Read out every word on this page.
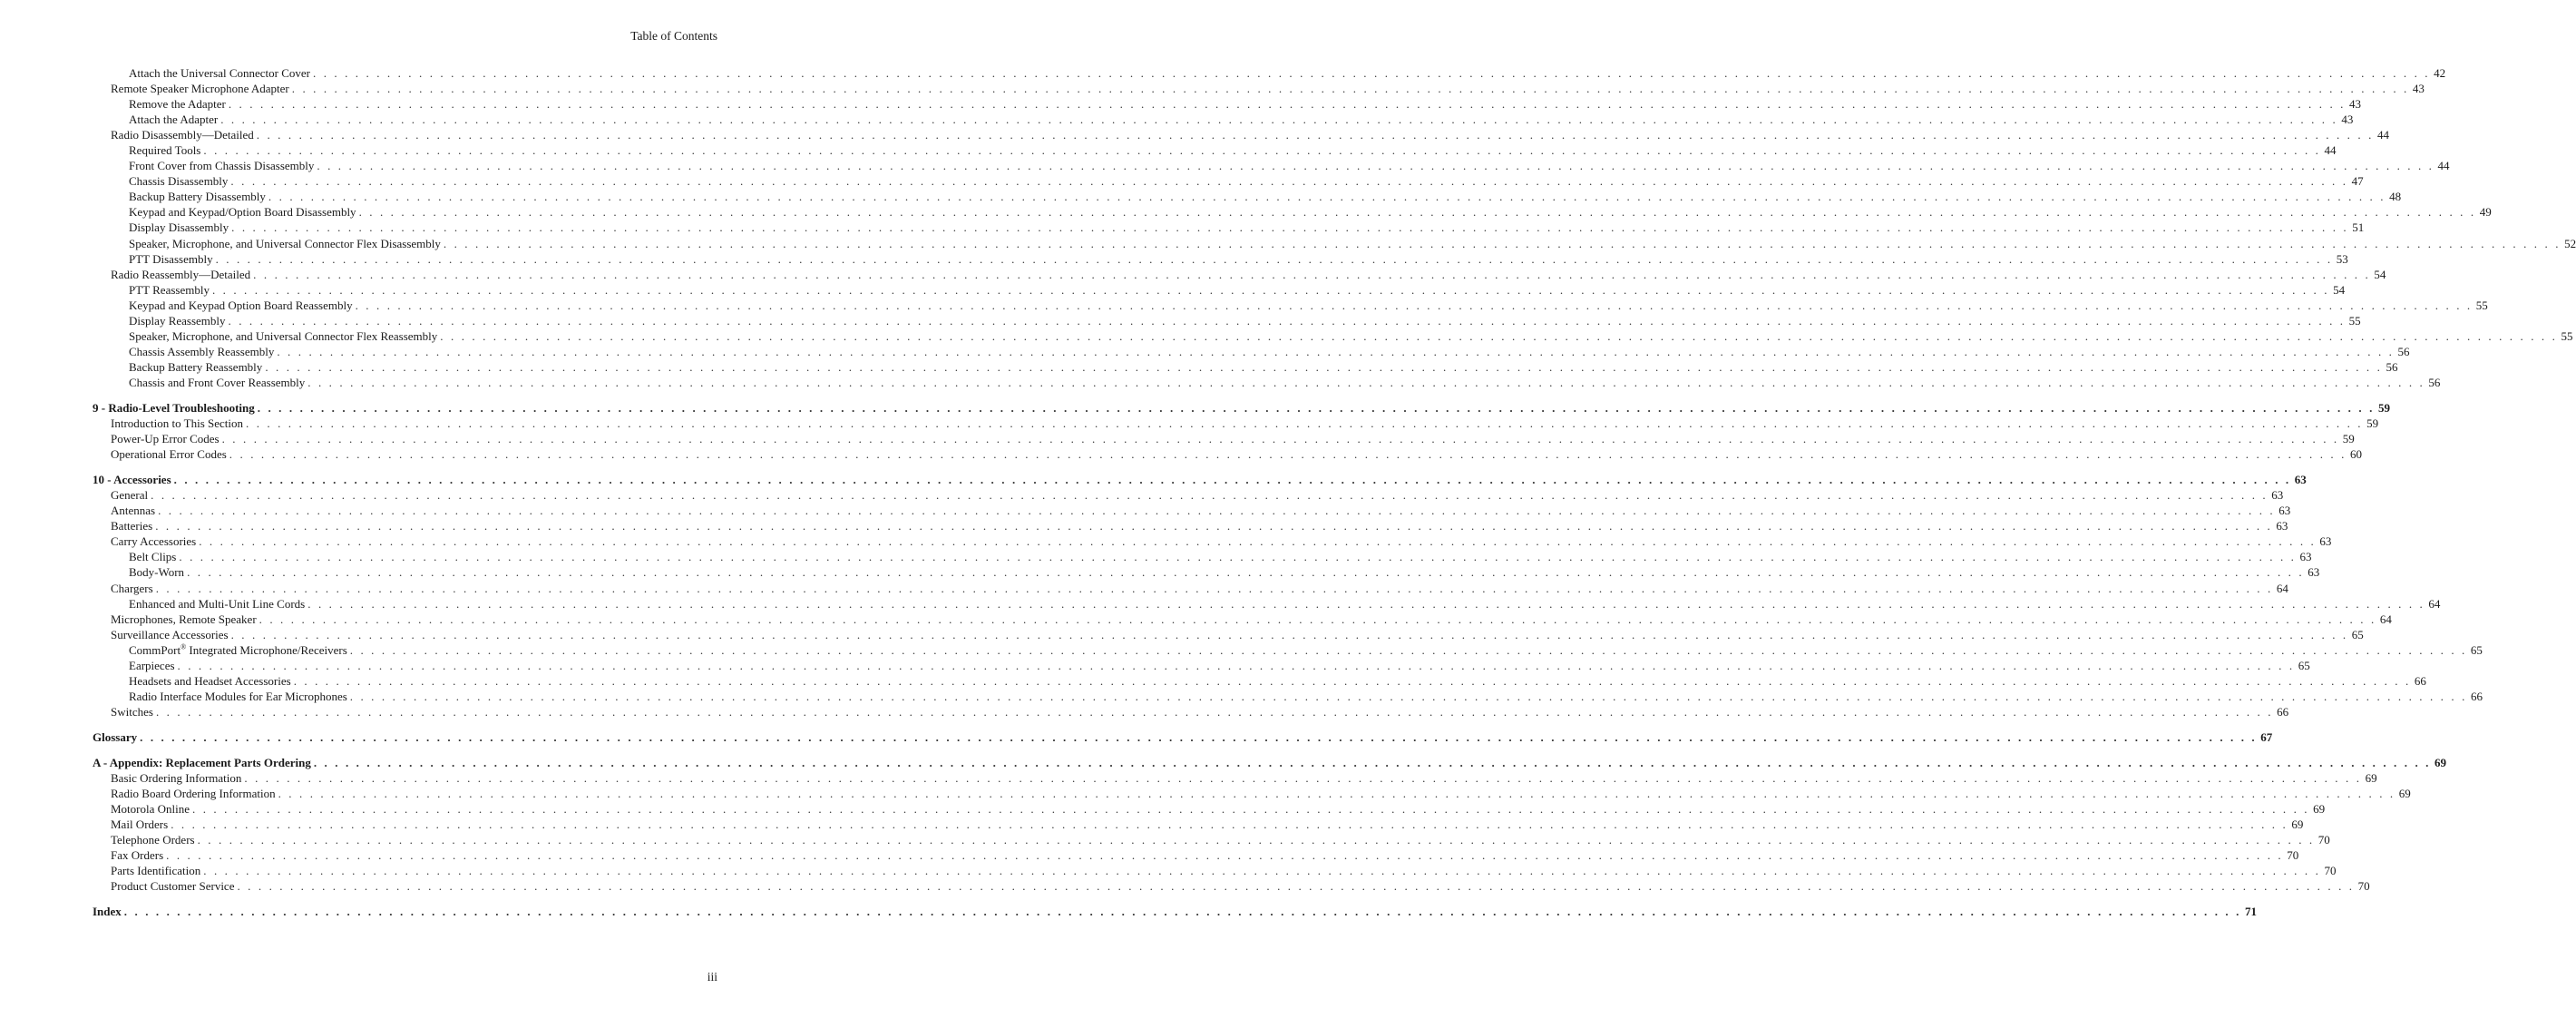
Table of Contents
Attach the Universal Connector Cover . . . . . . . . . . . . . . . . . . . . . . . . . . . . . . . . . . . . . . . . . . . . . . . . . . . . . . . . . . . . . . . . . . . . . . . . . . . . . . . . . . . . . . . . . . . . . . . . . . . . . . . . . . . . . . . . . . . . . . . . . . . . . . . . . . . . . . . . . . . . . . . . . . . . . . . . . . . . . . . . . . . . . . . . . . . . . . . . . . . . . . . . . . . . . . . . . . . . . . . . 42
Remote Speaker Microphone Adapter . . . . . . . . . . . . . . . . . . . . . . . . . . . . . . . . . . . . . . . . . . . . . . . . . . . . . . . . . . . . . . . . . . . . . . . . . . . . . . . . . . . . . . . . . . . . . . . . . . . . . . . . . . . . . . . . . . . . . . . . . . . . . . . . . . . . . . . . . . . . . . . . . . . . . . . . . . . . . . . . . . . . . . . . . . . . . . . . . . . . . . . . . . . . . . . . . . . . . . . . 43
Remove the Adapter . . . . . . . . . . . . . . . . . . . . . . . . . . . . . . . . . . . . . . . . . . . . . . . . . . . . . . . . . . . . . . . . . . . . . . . . . . . . . . . . . . . . . . . . . . . . . . . . . . . . . . . . . . . . . . . . . . . . . . . . . . . . . . . . . . . . . . . . . . . . . . . . . . . . . . . . . . . . . . . . . . . . . . . . . . . . . . . . . . . . . . . . . . . . . . . . . . . . . . . . 43
Attach the Adapter . . . . . . . . . . . . . . . . . . . . . . . . . . . . . . . . . . . . . . . . . . . . . . . . . . . . . . . . . . . . . . . . . . . . . . . . . . . . . . . . . . . . . . . . . . . . . . . . . . . . . . . . . . . . . . . . . . . . . . . . . . . . . . . . . . . . . . . . . . . . . . . . . . . . . . . . . . . . . . . . . . . . . . . . . . . . . . . . . . . . . . . . . . . . . . . . . . . . . . . . 43
Radio Disassembly—Detailed . . . . . . . . . . . . . . . . . . . . . . . . . . . . . . . . . . . . . . . . . . . . . . . . . . . . . . . . . . . . . . . . . . . . . . . . . . . . . . . . . . . . . . . . . . . . . . . . . . . . . . . . . . . . . . . . . . . . . . . . . . . . . . . . . . . . . . . . . . . . . . . . . . . . . . . . . . . . . . . . . . . . . . . . . . . . . . . . . . . . . . . . . . . . . . . . . . . . . . . . 44
Required Tools . . . . . . . . . . . . . . . . . . . . . . . . . . . . . . . . . . . . . . . . . . . . . . . . . . . . . . . . . . . . . . . . . . . . . . . . . . . . . . . . . . . . . . . . . . . . . . . . . . . . . . . . . . . . . . . . . . . . . . . . . . . . . . . . . . . . . . . . . . . . . . . . . . . . . . . . . . . . . . . . . . . . . . . . . . . . . . . . . . . . . . . . . . . . . . . . . . . . . . . . 44
Front Cover from Chassis Disassembly . . . . . . . . . . . . . . . . . . . . . . . . . . . . . . . . . . . . . . . . . . . . . . . . . . . . . . . . . . . . . . . . . . . . . . . . . . . . . . . . . . . . . . . . . . . . . . . . . . . . . . . . . . . . . . . . . . . . . . . . . . . . . . . . . . . . . . . . . . . . . . . . . . . . . . . . . . . . . . . . . . . . . . . . . . . . . . . . . . . . . . . . . . . . . . . . . . . . . . . . 44
Chassis Disassembly . . . . . . . . . . . . . . . . . . . . . . . . . . . . . . . . . . . . . . . . . . . . . . . . . . . . . . . . . . . . . . . . . . . . . . . . . . . . . . . . . . . . . . . . . . . . . . . . . . . . . . . . . . . . . . . . . . . . . . . . . . . . . . . . . . . . . . . . . . . . . . . . . . . . . . . . . . . . . . . . . . . . . . . . . . . . . . . . . . . . . . . . . . . . . . . . . . . . . . . . 47
Backup Battery Disassembly . . . . . . . . . . . . . . . . . . . . . . . . . . . . . . . . . . . . . . . . . . . . . . . . . . . . . . . . . . . . . . . . . . . . . . . . . . . . . . . . . . . . . . . . . . . . . . . . . . . . . . . . . . . . . . . . . . . . . . . . . . . . . . . . . . . . . . . . . . . . . . . . . . . . . . . . . . . . . . . . . . . . . . . . . . . . . . . . . . . . . . . . . . . . . . . . . . . . . . . . 48
Keypad and Keypad/Option Board Disassembly . . . . . . . . . . . . . . . . . . . . . . . . . . . . . . . . . . . . . . . . . . . . . . . . . . . . . . . . . . . . . . . . . . . . . . . . . . . . . . . . . . . . . . . . . . . . . . . . . . . . . . . . . . . . . . . . . . . . . . . . . . . . . . . . . . . . . . . . . . . . . . . . . . . . . . . . . . . . . . . . . . . . . . . . . . . . . . . . . . . . . . . . . . . . . . . . . . . . . . . . 49
Display Disassembly . . . . . . . . . . . . . . . . . . . . . . . . . . . . . . . . . . . . . . . . . . . . . . . . . . . . . . . . . . . . . . . . . . . . . . . . . . . . . . . . . . . . . . . . . . . . . . . . . . . . . . . . . . . . . . . . . . . . . . . . . . . . . . . . . . . . . . . . . . . . . . . . . . . . . . . . . . . . . . . . . . . . . . . . . . . . . . . . . . . . . . . . . . . . . . . . . . . . . . . . 51
Speaker, Microphone, and Universal Connector Flex Disassembly . . . . . . . . . . . . . . . . . . . . . . . . . . . . . . . . . . . . . . . . . . . . . . . . . . . . . . . . . . . . . . . . . . . . . . . . . . . . . . . . . . . . . . . . . . . . . . . . . . . . . . . . . . . . . . . . . . . . . . . . . . . . . . . . . . . . . . . . . . . . . . . . . . . . . . . . . . . . . . . . . . . . . . . . . . . . . . . . . . . . . . . . . . . . . . . . . . . . . . . . 52
PTT Disassembly . . . . . . . . . . . . . . . . . . . . . . . . . . . . . . . . . . . . . . . . . . . . . . . . . . . . . . . . . . . . . . . . . . . . . . . . . . . . . . . . . . . . . . . . . . . . . . . . . . . . . . . . . . . . . . . . . . . . . . . . . . . . . . . . . . . . . . . . . . . . . . . . . . . . . . . . . . . . . . . . . . . . . . . . . . . . . . . . . . . . . . . . . . . . . . . . . . . . . . . . 53
Radio Reassembly—Detailed . . . . . . . . . . . . . . . . . . . . . . . . . . . . . . . . . . . . . . . . . . . . . . . . . . . . . . . . . . . . . . . . . . . . . . . . . . . . . . . . . . . . . . . . . . . . . . . . . . . . . . . . . . . . . . . . . . . . . . . . . . . . . . . . . . . . . . . . . . . . . . . . . . . . . . . . . . . . . . . . . . . . . . . . . . . . . . . . . . . . . . . . . . . . . . . . . . . . . . . . 54
PTT Reassembly . . . . . . . . . . . . . . . . . . . . . . . . . . . . . . . . . . . . . . . . . . . . . . . . . . . . . . . . . . . . . . . . . . . . . . . . . . . . . . . . . . . . . . . . . . . . . . . . . . . . . . . . . . . . . . . . . . . . . . . . . . . . . . . . . . . . . . . . . . . . . . . . . . . . . . . . . . . . . . . . . . . . . . . . . . . . . . . . . . . . . . . . . . . . . . . . . . . . . . . . 54
Keypad and Keypad Option Board Reassembly . . . . . . . . . . . . . . . . . . . . . . . . . . . . . . . . . . . . . . . . . . . . . . . . . . . . . . . . . . . . . . . . . . . . . . . . . . . . . . . . . . . . . . . . . . . . . . . . . . . . . . . . . . . . . . . . . . . . . . . . . . . . . . . . . . . . . . . . . . . . . . . . . . . . . . . . . . . . . . . . . . . . . . . . . . . . . . . . . . . . . . . . . . . . . . . . . . . . . . . . 55
Display Reassembly . . . . . . . . . . . . . . . . . . . . . . . . . . . . . . . . . . . . . . . . . . . . . . . . . . . . . . . . . . . . . . . . . . . . . . . . . . . . . . . . . . . . . . . . . . . . . . . . . . . . . . . . . . . . . . . . . . . . . . . . . . . . . . . . . . . . . . . . . . . . . . . . . . . . . . . . . . . . . . . . . . . . . . . . . . . . . . . . . . . . . . . . . . . . . . . . . . . . . . . . 55
Speaker, Microphone, and Universal Connector Flex Reassembly . . . . . . . . . . . . . . . . . . . . . . . . . . . . . . . . . . . . . . . . . . . . . . . . . . . . . . . . . . . . . . . . . . . . . . . . . . . . . . . . . . . . . . . . . . . . . . . . . . . . . . . . . . . . . . . . . . . . . . . . . . . . . . . . . . . . . . . . . . . . . . . . . . . . . . . . . . . . . . . . . . . . . . . . . . . . . . . . . . . . . . . . . . . . . . . . . . . . . . . . 55
Chassis Assembly Reassembly . . . . . . . . . . . . . . . . . . . . . . . . . . . . . . . . . . . . . . . . . . . . . . . . . . . . . . . . . . . . . . . . . . . . . . . . . . . . . . . . . . . . . . . . . . . . . . . . . . . . . . . . . . . . . . . . . . . . . . . . . . . . . . . . . . . . . . . . . . . . . . . . . . . . . . . . . . . . . . . . . . . . . . . . . . . . . . . . . . . . . . . . . . . . . . . . . . . . . . . . 56
Backup Battery Reassembly . . . . . . . . . . . . . . . . . . . . . . . . . . . . . . . . . . . . . . . . . . . . . . . . . . . . . . . . . . . . . . . . . . . . . . . . . . . . . . . . . . . . . . . . . . . . . . . . . . . . . . . . . . . . . . . . . . . . . . . . . . . . . . . . . . . . . . . . . . . . . . . . . . . . . . . . . . . . . . . . . . . . . . . . . . . . . . . . . . . . . . . . . . . . . . . . . . . . . . . . 56
Chassis and Front Cover Reassembly . . . . . . . . . . . . . . . . . . . . . . . . . . . . . . . . . . . . . . . . . . . . . . . . . . . . . . . . . . . . . . . . . . . . . . . . . . . . . . . . . . . . . . . . . . . . . . . . . . . . . . . . . . . . . . . . . . . . . . . . . . . . . . . . . . . . . . . . . . . . . . . . . . . . . . . . . . . . . . . . . . . . . . . . . . . . . . . . . . . . . . . . . . . . . . . . . . . . . . . . 56
9 - Radio-Level Troubleshooting . . . . . . . . . . . . . . . . . . . . . . . . . . . . . . . . . . . . . . . . . . . . . . . . . . . . . . . . . . . . . . . . . . . . . . . . . . . . . . . . . . . . . . . . . . . . . . . . . . . . . . . . . . . . . . . . . . . . . . . . . . . . . . . . . . . . . . . . . . . . . . . . . . . . . . . . . . . . . . . . . . . . . . . . . . . . . . . . . . . . . . . . . . . . . . . . . . . . . . . . 59
Introduction to This Section . . . . . . . . . . . . . . . . . . . . . . . . . . . . . . . . . . . . . . . . . . . . . . . . . . . . . . . . . . . . . . . . . . . . . . . . . . . . . . . . . . . . . . . . . . . . . . . . . . . . . . . . . . . . . . . . . . . . . . . . . . . . . . . . . . . . . . . . . . . . . . . . . . . . . . . . . . . . . . . . . . . . . . . . . . . . . . . . . . . . . . . . . . . . . . . . . . . . . . . . 59
Power-Up Error Codes . . . . . . . . . . . . . . . . . . . . . . . . . . . . . . . . . . . . . . . . . . . . . . . . . . . . . . . . . . . . . . . . . . . . . . . . . . . . . . . . . . . . . . . . . . . . . . . . . . . . . . . . . . . . . . . . . . . . . . . . . . . . . . . . . . . . . . . . . . . . . . . . . . . . . . . . . . . . . . . . . . . . . . . . . . . . . . . . . . . . . . . . . . . . . . . . . . . . . . . . 59
Operational Error Codes . . . . . . . . . . . . . . . . . . . . . . . . . . . . . . . . . . . . . . . . . . . . . . . . . . . . . . . . . . . . . . . . . . . . . . . . . . . . . . . . . . . . . . . . . . . . . . . . . . . . . . . . . . . . . . . . . . . . . . . . . . . . . . . . . . . . . . . . . . . . . . . . . . . . . . . . . . . . . . . . . . . . . . . . . . . . . . . . . . . . . . . . . . . . . . . . . . . . . . . . 60
10 - Accessories . . . . . . . . . . . . . . . . . . . . . . . . . . . . . . . . . . . . . . . . . . . . . . . . . . . . . . . . . . . . . . . . . . . . . . . . . . . . . . . . . . . . . . . . . . . . . . . . . . . . . . . . . . . . . . . . . . . . . . . . . . . . . . . . . . . . . . . . . . . . . . . . . . . . . . . . . . . . . . . . . . . . . . . . . . . . . . . . . . . . . . . . . . . . . . . . . . . . . . . . 63
General . . . . . . . . . . . . . . . . . . . . . . . . . . . . . . . . . . . . . . . . . . . . . . . . . . . . . . . . . . . . . . . . . . . . . . . . . . . . . . . . . . . . . . . . . . . . . . . . . . . . . . . . . . . . . . . . . . . . . . . . . . . . . . . . . . . . . . . . . . . . . . . . . . . . . . . . . . . . . . . . . . . . . . . . . . . . . . . . . . . . . . . . . . . . . . . . . . . . . . . . 63
Antennas . . . . . . . . . . . . . . . . . . . . . . . . . . . . . . . . . . . . . . . . . . . . . . . . . . . . . . . . . . . . . . . . . . . . . . . . . . . . . . . . . . . . . . . . . . . . . . . . . . . . . . . . . . . . . . . . . . . . . . . . . . . . . . . . . . . . . . . . . . . . . . . . . . . . . . . . . . . . . . . . . . . . . . . . . . . . . . . . . . . . . . . . . . . . . . . . . . . . . . . . 63
Batteries . . . . . . . . . . . . . . . . . . . . . . . . . . . . . . . . . . . . . . . . . . . . . . . . . . . . . . . . . . . . . . . . . . . . . . . . . . . . . . . . . . . . . . . . . . . . . . . . . . . . . . . . . . . . . . . . . . . . . . . . . . . . . . . . . . . . . . . . . . . . . . . . . . . . . . . . . . . . . . . . . . . . . . . . . . . . . . . . . . . . . . . . . . . . . . . . . . . . . . . . 63
Carry Accessories . . . . . . . . . . . . . . . . . . . . . . . . . . . . . . . . . . . . . . . . . . . . . . . . . . . . . . . . . . . . . . . . . . . . . . . . . . . . . . . . . . . . . . . . . . . . . . . . . . . . . . . . . . . . . . . . . . . . . . . . . . . . . . . . . . . . . . . . . . . . . . . . . . . . . . . . . . . . . . . . . . . . . . . . . . . . . . . . . . . . . . . . . . . . . . . . . . . . . . . . 63
Belt Clips . . . . . . . . . . . . . . . . . . . . . . . . . . . . . . . . . . . . . . . . . . . . . . . . . . . . . . . . . . . . . . . . . . . . . . . . . . . . . . . . . . . . . . . . . . . . . . . . . . . . . . . . . . . . . . . . . . . . . . . . . . . . . . . . . . . . . . . . . . . . . . . . . . . . . . . . . . . . . . . . . . . . . . . . . . . . . . . . . . . . . . . . . . . . . . . . . . . . . . . . 63
Body-Worn . . . . . . . . . . . . . . . . . . . . . . . . . . . . . . . . . . . . . . . . . . . . . . . . . . . . . . . . . . . . . . . . . . . . . . . . . . . . . . . . . . . . . . . . . . . . . . . . . . . . . . . . . . . . . . . . . . . . . . . . . . . . . . . . . . . . . . . . . . . . . . . . . . . . . . . . . . . . . . . . . . . . . . . . . . . . . . . . . . . . . . . . . . . . . . . . . . . . . . . . 63
Chargers . . . . . . . . . . . . . . . . . . . . . . . . . . . . . . . . . . . . . . . . . . . . . . . . . . . . . . . . . . . . . . . . . . . . . . . . . . . . . . . . . . . . . . . . . . . . . . . . . . . . . . . . . . . . . . . . . . . . . . . . . . . . . . . . . . . . . . . . . . . . . . . . . . . . . . . . . . . . . . . . . . . . . . . . . . . . . . . . . . . . . . . . . . . . . . . . . . . . . . . . 64
Enhanced and Multi-Unit Line Cords . . . . . . . . . . . . . . . . . . . . . . . . . . . . . . . . . . . . . . . . . . . . . . . . . . . . . . . . . . . . . . . . . . . . . . . . . . . . . . . . . . . . . . . . . . . . . . . . . . . . . . . . . . . . . . . . . . . . . . . . . . . . . . . . . . . . . . . . . . . . . . . . . . . . . . . . . . . . . . . . . . . . . . . . . . . . . . . . . . . . . . . . . . . . . . . . . . . . . . . . 64
Microphones, Remote Speaker . . . . . . . . . . . . . . . . . . . . . . . . . . . . . . . . . . . . . . . . . . . . . . . . . . . . . . . . . . . . . . . . . . . . . . . . . . . . . . . . . . . . . . . . . . . . . . . . . . . . . . . . . . . . . . . . . . . . . . . . . . . . . . . . . . . . . . . . . . . . . . . . . . . . . . . . . . . . . . . . . . . . . . . . . . . . . . . . . . . . . . . . . . . . . . . . . . . . . . . . 64
Surveillance Accessories . . . . . . . . . . . . . . . . . . . . . . . . . . . . . . . . . . . . . . . . . . . . . . . . . . . . . . . . . . . . . . . . . . . . . . . . . . . . . . . . . . . . . . . . . . . . . . . . . . . . . . . . . . . . . . . . . . . . . . . . . . . . . . . . . . . . . . . . . . . . . . . . . . . . . . . . . . . . . . . . . . . . . . . . . . . . . . . . . . . . . . . . . . . . . . . . . . . . . . . . 65
CommPort® Integrated Microphone/Receivers . . . . . . . . . . . . . . . . . . . . . . . . . . . . . . . . . . . . . . . . . . . . . . . . . . . . . . . . . . . . . . . . . . . . . . . . . . . . . . . . . . . . . . . . . . . . . . . . . . . . . . . . . . . . . . . . . . . . . . . . . . . . . . . . . . . . . . . . . . . . . . . . . . . . . . . . . . . . . . . . . . . . . . . . . . . . . . . . . . . . . . . . . . . . . . . . . . . . . . . . 65
Earpieces . . . . . . . . . . . . . . . . . . . . . . . . . . . . . . . . . . . . . . . . . . . . . . . . . . . . . . . . . . . . . . . . . . . . . . . . . . . . . . . . . . . . . . . . . . . . . . . . . . . . . . . . . . . . . . . . . . . . . . . . . . . . . . . . . . . . . . . . . . . . . . . . . . . . . . . . . . . . . . . . . . . . . . . . . . . . . . . . . . . . . . . . . . . . . . . . . . . . . . . . 65
Headsets and Headset Accessories . . . . . . . . . . . . . . . . . . . . . . . . . . . . . . . . . . . . . . . . . . . . . . . . . . . . . . . . . . . . . . . . . . . . . . . . . . . . . . . . . . . . . . . . . . . . . . . . . . . . . . . . . . . . . . . . . . . . . . . . . . . . . . . . . . . . . . . . . . . . . . . . . . . . . . . . . . . . . . . . . . . . . . . . . . . . . . . . . . . . . . . . . . . . . . . . . . . . . . . . 66
Radio Interface Modules for Ear Microphones . . . . . . . . . . . . . . . . . . . . . . . . . . . . . . . . . . . . . . . . . . . . . . . . . . . . . . . . . . . . . . . . . . . . . . . . . . . . . . . . . . . . . . . . . . . . . . . . . . . . . . . . . . . . . . . . . . . . . . . . . . . . . . . . . . . . . . . . . . . . . . . . . . . . . . . . . . . . . . . . . . . . . . . . . . . . . . . . . . . . . . . . . . . . . . . . . . . . . . . . 66
Switches . . . . . . . . . . . . . . . . . . . . . . . . . . . . . . . . . . . . . . . . . . . . . . . . . . . . . . . . . . . . . . . . . . . . . . . . . . . . . . . . . . . . . . . . . . . . . . . . . . . . . . . . . . . . . . . . . . . . . . . . . . . . . . . . . . . . . . . . . . . . . . . . . . . . . . . . . . . . . . . . . . . . . . . . . . . . . . . . . . . . . . . . . . . . . . . . . . . . . . . . 66
Glossary . . . . . . . . . . . . . . . . . . . . . . . . . . . . . . . . . . . . . . . . . . . . . . . . . . . . . . . . . . . . . . . . . . . . . . . . . . . . . . . . . . . . . . . . . . . . . . . . . . . . . . . . . . . . . . . . . . . . . . . . . . . . . . . . . . . . . . . . . . . . . . . . . . . . . . . . . . . . . . . . . . . . . . . . . . . . . . . . . . . . . . . . . . . . . . . . . . . . . . . . 67
A - Appendix: Replacement Parts Ordering . . . . . . . . . . . . . . . . . . . . . . . . . . . . . . . . . . . . . . . . . . . . . . . . . . . . . . . . . . . . . . . . . . . . . . . . . . . . . . . . . . . . . . . . . . . . . . . . . . . . . . . . . . . . . . . . . . . . . . . . . . . . . . . . . . . . . . . . . . . . . . . . . . . . . . . . . . . . . . . . . . . . . . . . . . . . . . . . . . . . . . . . . . . . . . . . . . . . . . . . 69
Basic Ordering Information . . . . . . . . . . . . . . . . . . . . . . . . . . . . . . . . . . . . . . . . . . . . . . . . . . . . . . . . . . . . . . . . . . . . . . . . . . . . . . . . . . . . . . . . . . . . . . . . . . . . . . . . . . . . . . . . . . . . . . . . . . . . . . . . . . . . . . . . . . . . . . . . . . . . . . . . . . . . . . . . . . . . . . . . . . . . . . . . . . . . . . . . . . . . . . . . . . . . . . . . 69
Radio Board Ordering Information . . . . . . . . . . . . . . . . . . . . . . . . . . . . . . . . . . . . . . . . . . . . . . . . . . . . . . . . . . . . . . . . . . . . . . . . . . . . . . . . . . . . . . . . . . . . . . . . . . . . . . . . . . . . . . . . . . . . . . . . . . . . . . . . . . . . . . . . . . . . . . . . . . . . . . . . . . . . . . . . . . . . . . . . . . . . . . . . . . . . . . . . . . . . . . . . . . . . . . . . 69
Motorola Online . . . . . . . . . . . . . . . . . . . . . . . . . . . . . . . . . . . . . . . . . . . . . . . . . . . . . . . . . . . . . . . . . . . . . . . . . . . . . . . . . . . . . . . . . . . . . . . . . . . . . . . . . . . . . . . . . . . . . . . . . . . . . . . . . . . . . . . . . . . . . . . . . . . . . . . . . . . . . . . . . . . . . . . . . . . . . . . . . . . . . . . . . . . . . . . . . . . . . . . . 69
Mail Orders . . . . . . . . . . . . . . . . . . . . . . . . . . . . . . . . . . . . . . . . . . . . . . . . . . . . . . . . . . . . . . . . . . . . . . . . . . . . . . . . . . . . . . . . . . . . . . . . . . . . . . . . . . . . . . . . . . . . . . . . . . . . . . . . . . . . . . . . . . . . . . . . . . . . . . . . . . . . . . . . . . . . . . . . . . . . . . . . . . . . . . . . . . . . . . . . . . . . . . . . 69
Telephone Orders . . . . . . . . . . . . . . . . . . . . . . . . . . . . . . . . . . . . . . . . . . . . . . . . . . . . . . . . . . . . . . . . . . . . . . . . . . . . . . . . . . . . . . . . . . . . . . . . . . . . . . . . . . . . . . . . . . . . . . . . . . . . . . . . . . . . . . . . . . . . . . . . . . . . . . . . . . . . . . . . . . . . . . . . . . . . . . . . . . . . . . . . . . . . . . . . . . . . . . . . 70
Fax Orders . . . . . . . . . . . . . . . . . . . . . . . . . . . . . . . . . . . . . . . . . . . . . . . . . . . . . . . . . . . . . . . . . . . . . . . . . . . . . . . . . . . . . . . . . . . . . . . . . . . . . . . . . . . . . . . . . . . . . . . . . . . . . . . . . . . . . . . . . . . . . . . . . . . . . . . . . . . . . . . . . . . . . . . . . . . . . . . . . . . . . . . . . . . . . . . . . . . . . . . . 70
Parts Identification . . . . . . . . . . . . . . . . . . . . . . . . . . . . . . . . . . . . . . . . . . . . . . . . . . . . . . . . . . . . . . . . . . . . . . . . . . . . . . . . . . . . . . . . . . . . . . . . . . . . . . . . . . . . . . . . . . . . . . . . . . . . . . . . . . . . . . . . . . . . . . . . . . . . . . . . . . . . . . . . . . . . . . . . . . . . . . . . . . . . . . . . . . . . . . . . . . . . . . . . 70
Product Customer Service . . . . . . . . . . . . . . . . . . . . . . . . . . . . . . . . . . . . . . . . . . . . . . . . . . . . . . . . . . . . . . . . . . . . . . . . . . . . . . . . . . . . . . . . . . . . . . . . . . . . . . . . . . . . . . . . . . . . . . . . . . . . . . . . . . . . . . . . . . . . . . . . . . . . . . . . . . . . . . . . . . . . . . . . . . . . . . . . . . . . . . . . . . . . . . . . . . . . . . . . 70
Index . . . . . . . . . . . . . . . . . . . . . . . . . . . . . . . . . . . . . . . . . . . . . . . . . . . . . . . . . . . . . . . . . . . . . . . . . . . . . . . . . . . . . . . . . . . . . . . . . . . . . . . . . . . . . . . . . . . . . . . . . . . . . . . . . . . . . . . . . . . . . . . . . . . . . . . . . . . . . . . . . . . . . . . . . . . . . . . . . . . . . . . . . . . . . . . . . . . . . . . . 71
iii
